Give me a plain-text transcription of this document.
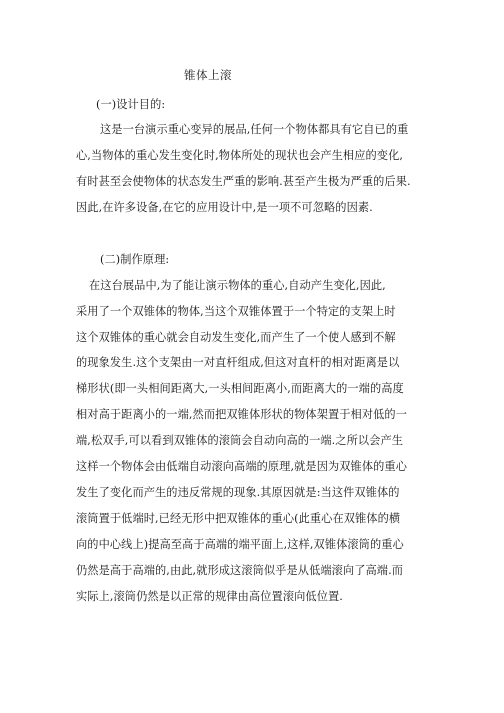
锥体上滚
(一)设计目的:
这是一台演示重心变异的展品,任何一个物体都具有它自已的重
心,当物体的重心发生变化时,物体所处的现状也会产生相应的变化,
有时甚至会使物体的状态发生严重的影响.甚至产生极为严重的后果.
因此,在许多设备,在它的应用设计中,是一项不可忽略的因素.
(二)制作原理:
在这台展品中,为了能让演示物体的重心,自动产生变化,因此,
采用了一个双锥体的物体,当这个双锥体置于一个特定的支架上时
这个双锥体的重心就会自动发生变化,而产生了一个使人感到不解
的现象发生.这个支架由一对直杆组成,但这对直杆的相对距离是以
梯形状(即一头相间距离大,一头相间距离小,而距离大的一端的高度
相对高于距离小的一端,然而把双锥体形状的物体架置于相对低的一
端,松双手,可以看到双锥体的滚筒会自动向高的一端.之所以会产生
这样一个物体会由低端自动滚向高端的原理,就是因为双锥体的重心
发生了变化而产生的违反常规的现象.其原因就是:当这件双锥体的
滚筒置于低端时,已经无形中把双锥体的重心(此重心在双锥体的横
向的中心线上)提高至高于高端的端平面上,这样,双锥体滚筒的重心
仍然是高于高端的,由此,就形成这滚筒似乎是从低端滚向了高端.而
实际上,滚筒仍然是以正常的规律由高位置滚向低位置.
